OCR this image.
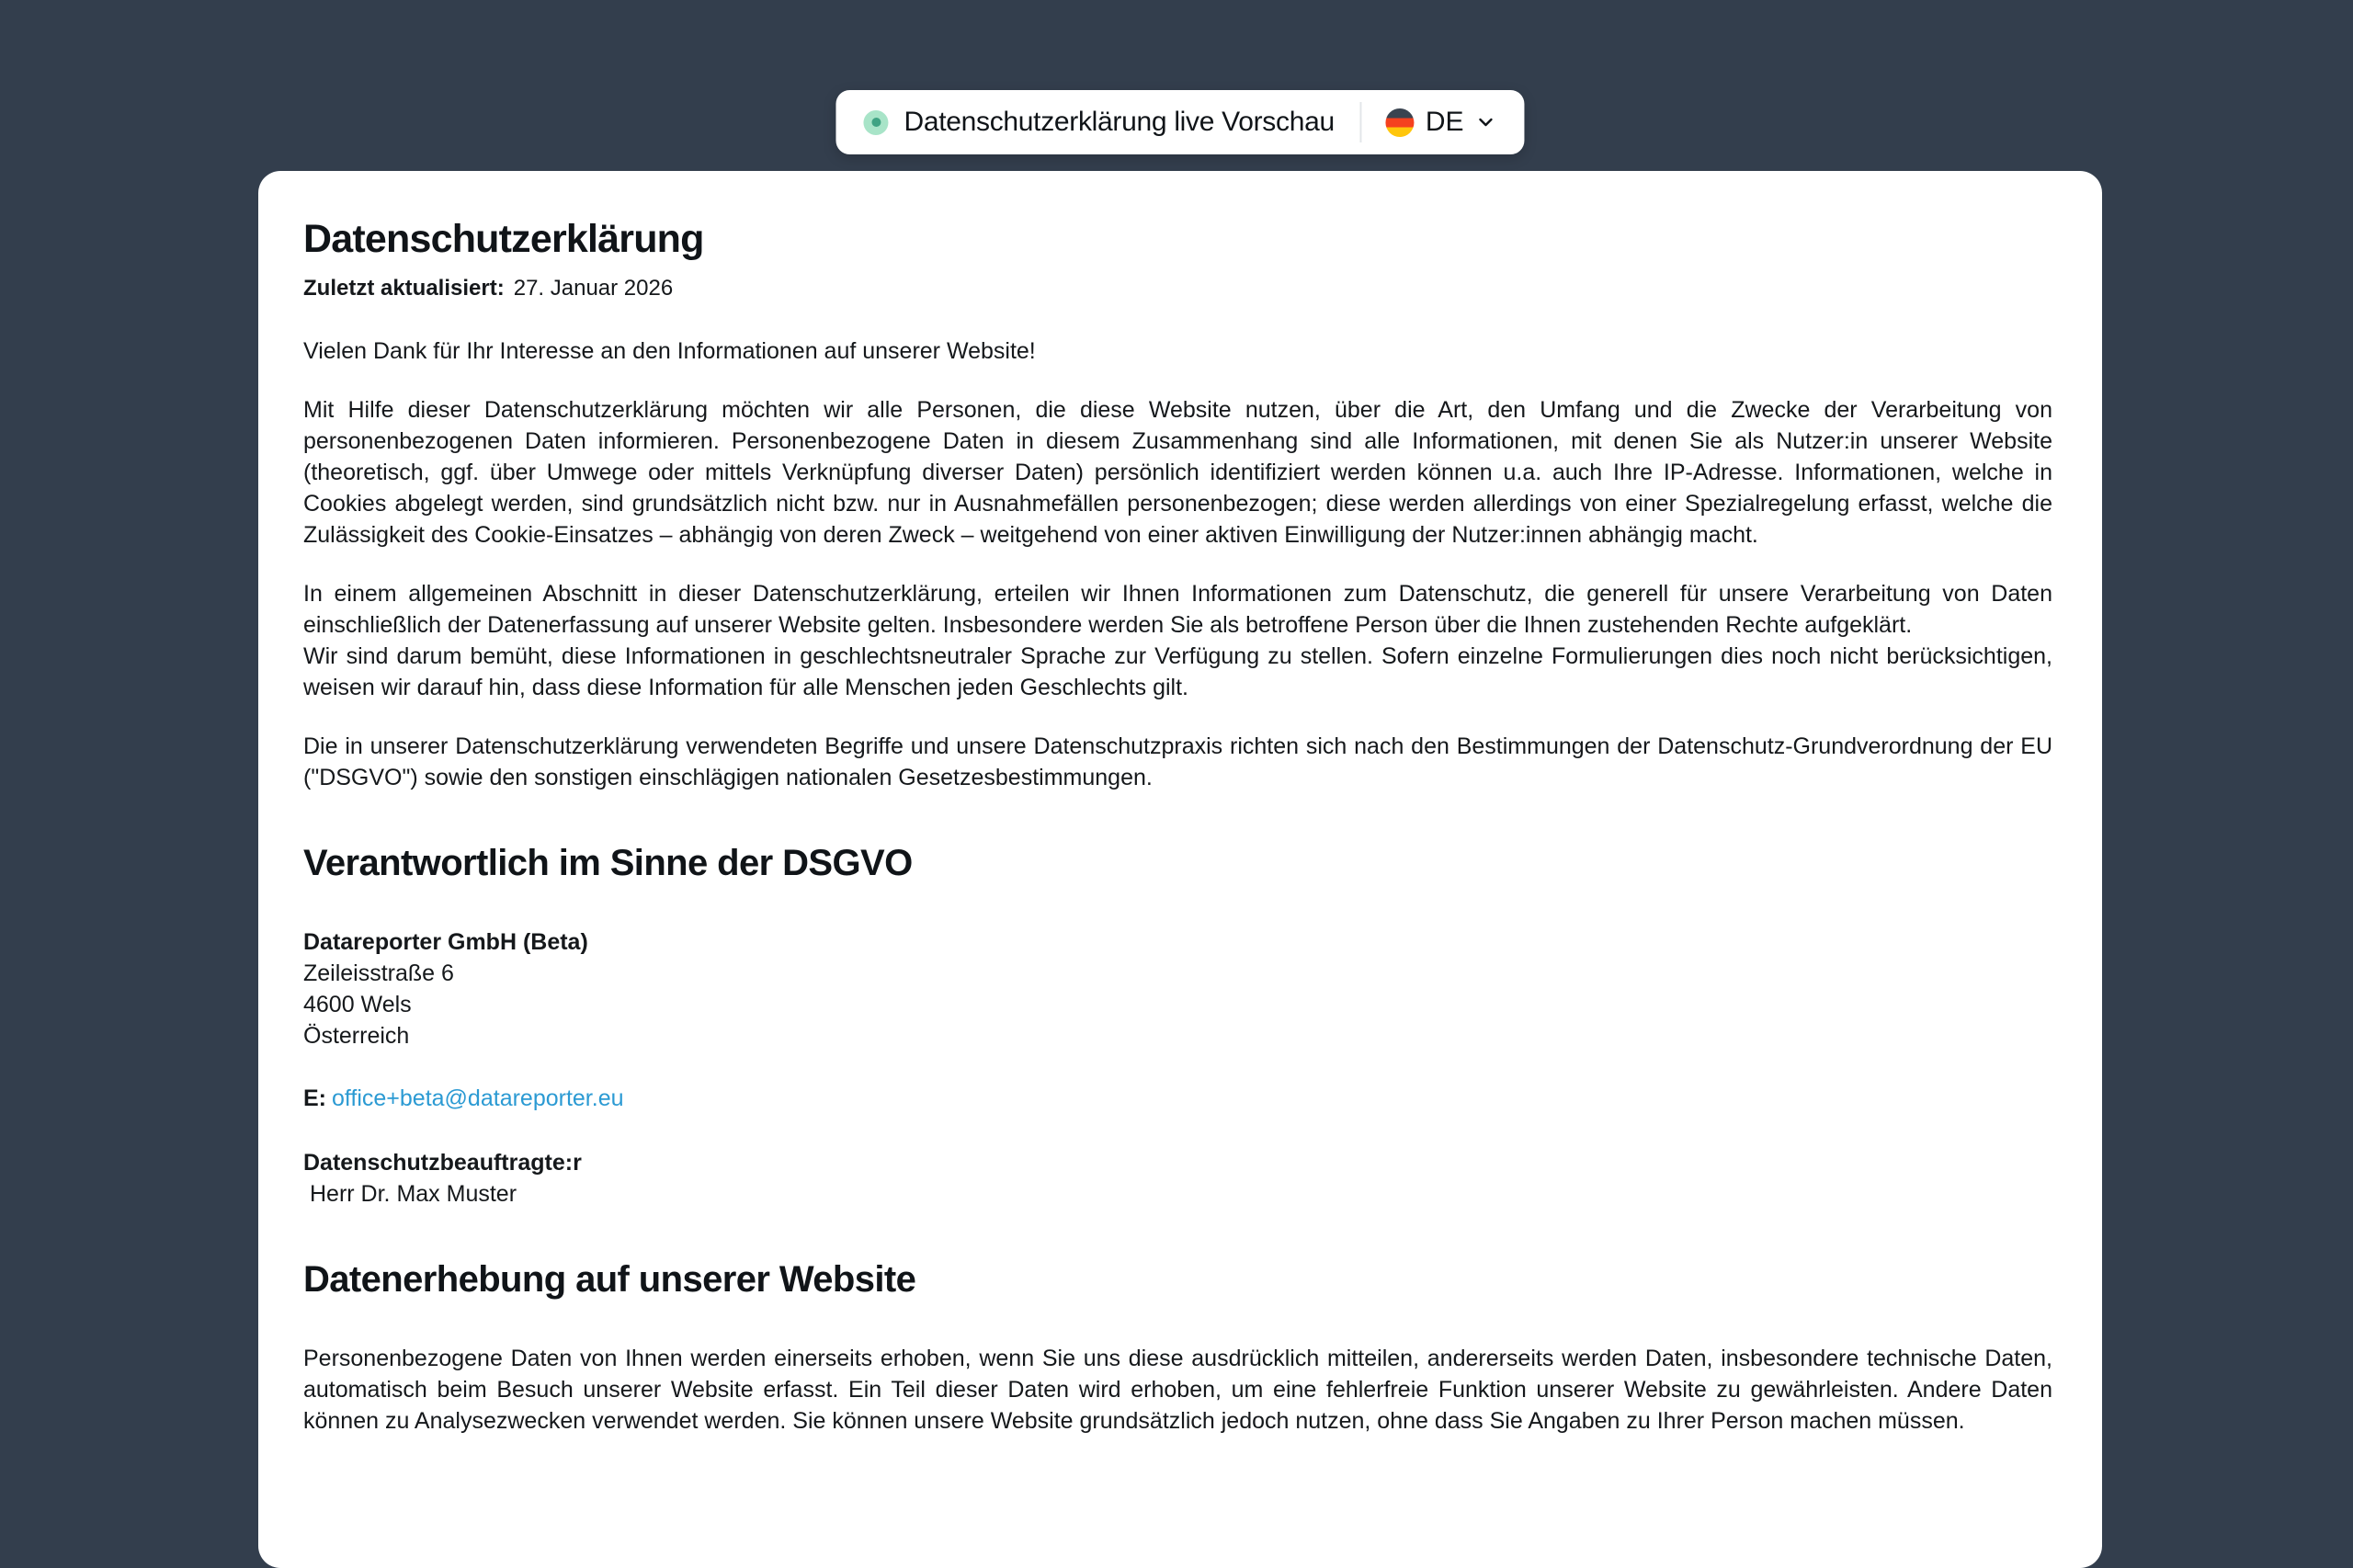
Datenschutzerklärung live Vorschau	DE
Datenschutzerklärung

Zuletzt aktualisiert: 27. Januar 2026

Vielen Dank für Ihr Interesse an den Informationen auf unserer Website!

Mit Hilfe dieser Datenschutzerklärung möchten wir alle Personen, die diese Website nutzen, über die Art, den Umfang und die Zwecke der Verarbeitung von personenbezogenen Daten informieren. Personenbezogene Daten in diesem Zusammenhang sind alle Informationen, mit denen Sie als Nutzer:in unserer Website (theoretisch, ggf. über Umwege oder mittels Verknüpfung diverser Daten) persönlich identifiziert werden können u.a. auch Ihre IP-Adresse. Informationen, welche in Cookies abgelegt werden, sind grundsätzlich nicht bzw. nur in Ausnahmefällen personenbezogen; diese werden allerdings von einer Spezialregelung erfasst, welche die Zulässigkeit des Cookie-Einsatzes – abhängig von deren Zweck – weitgehend von einer aktiven Einwilligung der Nutzer:innen abhängig macht.

In einem allgemeinen Abschnitt in dieser Datenschutzerklärung, erteilen wir Ihnen Informationen zum Datenschutz, die generell für unsere Verarbeitung von Daten einschließlich der Datenerfassung auf unserer Website gelten. Insbesondere werden Sie als betroffene Person über die Ihnen zustehenden Rechte aufgeklärt.

Wir sind darum bemüht, diese Informationen in geschlechtsneutraler Sprache zur Verfügung zu stellen. Sofern einzelne Formulierungen dies noch nicht berücksichtigen, weisen wir darauf hin, dass diese Information für alle Menschen jeden Geschlechts gilt.

Die in unserer Datenschutzerklärung verwendeten Begriffe und unsere Datenschutzpraxis richten sich nach den Bestimmungen der Datenschutz-Grundverordnung der EU ("DSGVO") sowie den sonstigen einschlägigen nationalen Gesetzesbestimmungen.

Verantwortlich im Sinne der DSGVO

Datareporter GmbH (Beta)

Zeileisstraße 6

4600 Wels

Österreich

E: office+beta@datareporter.eu

Datenschutzbeauftragte:r

Herr Dr. Max Muster

Datenerhebung auf unserer Website

Personenbezogene Daten von Ihnen werden einerseits erhoben, wenn Sie uns diese ausdrücklich mitteilen, andererseits werden Daten, insbesondere technische Daten, automatisch beim Besuch unserer Website erfasst. Ein Teil dieser Daten wird erhoben, um eine fehlerfreie Funktion unserer Website zu gewährleisten. Andere Daten können zu Analysezwecken verwendet werden. Sie können unsere Website grundsätzlich jedoch nutzen, ohne dass Sie Angaben zu Ihrer Person machen müssen.
